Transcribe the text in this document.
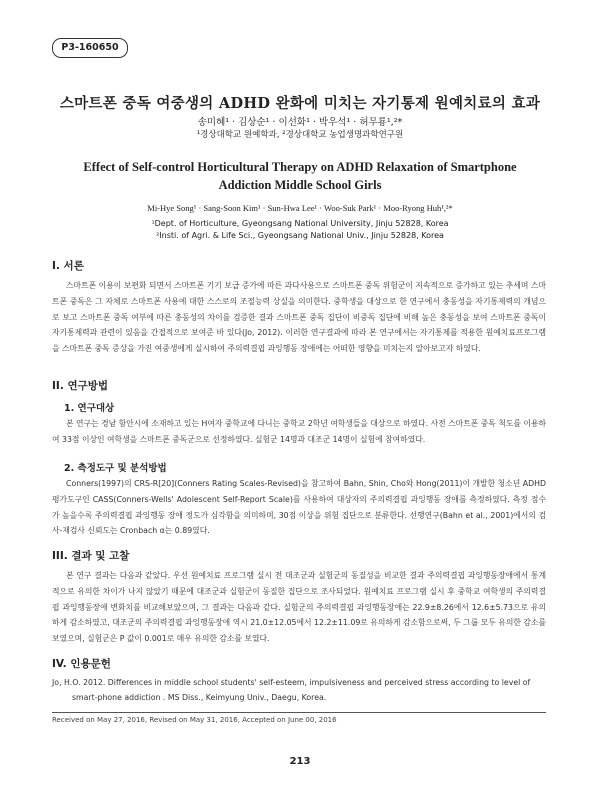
P3-160650
스마트폰 중독 여중생의 ADHD 완화에 미치는 자기통제 원예치료의 효과
송미혜¹ · 김상순¹ · 이선화¹ · 박우석¹ · 허무룡¹,²*
¹경상대학교 원예학과, ²경상대학교 농업생명과학연구원
Effect of Self-control Horticultural Therapy on ADHD Relaxation of Smartphone Addiction Middle School Girls
Mi-Hye Song¹ · Sang-Soon Kim¹ · Sun-Hwa Lee¹ · Woo-Suk Park¹ · Moo-Ryong Huh¹,²*
¹Dept. of Horticulture, Gyeongsang National University, Jinju 52828, Korea
²Insti. of Agri. & Life Sci., Gyeongsang National Univ., Jinju 52828, Korea
I. 서론
스마트폰 이용이 보편화 되면서 스마트폰 기기 보급 증가에 따른 과다사용으로 스마트폰 중독 위험군이 지속적으로 증가하고 있는 추세며 스마트폰 중독은 그 자체로 스마트폰 사용에 대한 스스로의 조절능력 상실을 의미한다. 중학생을 대상으로 한 연구에서 충동성을 자기통제력의 개념으로 보고 스마트폰 중독 여부에 따른 충동성의 차이를 검증한 결과 스마트폰 중독 집단이 비중독 집단에 비해 높은 충동성을 보여 스마트폰 중독이 자기통제력과 관련이 있음을 간접적으로 보여준 바 있다(Jo, 2012). 이러한 연구결과에 따라 본 연구에서는 자기통제를 적용한 원예치료프로그램을 스마트폰 중독 증상을 가진 여중생에게 실시하여 주의력결핍 과잉행동 장애에는 어떠한 영향을 미치는지 알아보고자 하였다.
II. 연구방법
1. 연구대상
본 연구는 경남 함안시에 소재하고 있는 H여자 중학교에 다니는 중학교 2학년 여학생들을 대상으로 하였다. 사전 스마트폰 중독 척도를 이용하여 33점 이상인 여학생을 스마트폰 중독군으로 선정하였다. 실험군 14명과 대조군 14명이 실험에 참여하였다.
2. 측정도구 및 분석방법
Conners(1997)의 CRS-R[20](Conners Rating Scales-Revised)을 참고하여 Bahn, Shin, Cho와 Hong(2011)이 개발한 청소년 ADHD 평가도구인 CASS(Conners-Wells' Adolescent Self-Report Scale)를 사용하여 대상자의 주의력결핍 과잉행동 장애를 측정하였다. 측정 점수가 높을수록 주의력결핍 과잉행동 장애 정도가 심각함을 의미하며, 30점 이상을 위험 집단으로 분류한다. 선행연구(Bahn et al., 2001)에서의 검사-재검사 신뢰도는 Cronbach α는 0.89였다.
III. 결과 및 고찰
본 연구 결과는 다음과 같았다. 우선 원예치료 프로그램 실시 전 대조군과 실험군의 동질성을 비교한 결과 주의력결핍 과잉행동장애에서 통계적으로 유의한 차이가 나지 않았기 때문에 대조군과 실험군이 동질한 집단으로 조사되었다. 원예치료 프로그램 실시 후 중학교 여학생의 주의력결핍 과잉행동장애 변화치를 비교해보았으며, 그 결과는 다음과 같다. 실험군의 주의력결핍 과잉행동장애는 22.9±8.26에서 12.6±5.73으로 유의하게 감소하였고, 대조군의 주의력결핍 과잉행동장애 역시 21.0±12.05에서 12.2±11.09로 유의하게 감소함으로써, 두 그룹 모두 유의한 감소를 보였으며, 실험군은 P 값이 0.001로 매우 유의한 감소를 보였다.
IV. 인용문헌
Jo, H.O. 2012. Differences in middle school students' self-esteem, impulsiveness and perceived stress according to level of smart-phone addiction . MS Diss., Keimyung Univ., Daegu, Korea.
Received on May 27, 2016, Revised on May 31, 2016, Accepted on June 00, 2016
213
